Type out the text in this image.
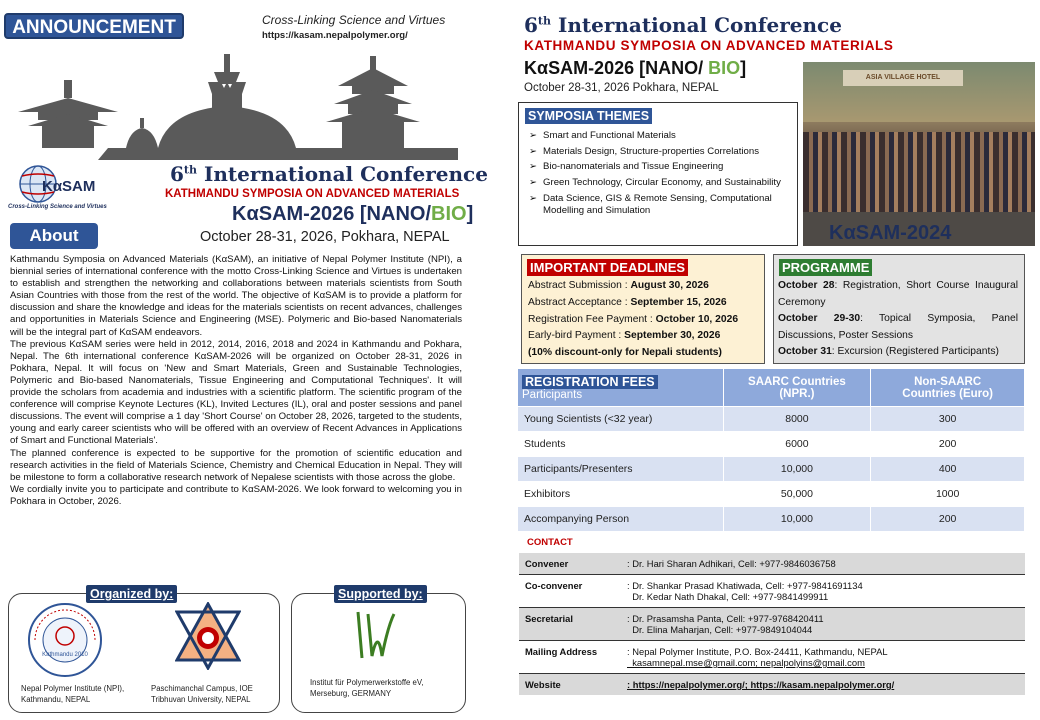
ANNOUNCEMENT	Cross-Linking Science and Virtues
https://kasam.nepalpolymer.org/
KαSAM
Cross-Linking Science and Virtues
6th International Conference
KATHMANDU SYMPOSIA ON ADVANCED MATERIALS
KαSAM-2026 [NANO/BIO]
October 28-31, 2026, Pokhara, NEPAL
About

Kathmandu Symposia on Advanced Materials (KαSAM), an initiative of Nepal Polymer Institute (NPI), a biennial series of international conference with the motto Cross-Linking Science and Virtues is undertaken to establish and strengthen the networking and collaborations between materials scientists from South Asian Countries with those from the rest of the world. The objective of KαSAM is to provide a platform for discussion and share the knowledge and ideas for the materials scientists on recent advances, challenges and opportunities in Materials Science and Engineering (MSE). Polymeric and Bio-based Nanomaterials will be the integral part of KαSAM endeavors.

The previous KαSAM series were held in 2012, 2014, 2016, 2018 and 2024 in Kathmandu and Pokhara, Nepal. The 6th international conference KαSAM-2026 will be organized on October 28-31, 2026 in Pokhara, Nepal. It will focus on 'New and Smart Materials, Green and Sustainable Technologies, Polymeric and Bio-based Nanomaterials, Tissue Engineering and Computational Techniques'. It will provide the scholars from academia and industries with a scientific platform. The scientific program of the conference will comprise Keynote Lectures (KL), Invited Lectures (IL), oral and poster sessions and panel discussions. The event will comprise a 1 day 'Short Course' on October 28, 2026, targeted to the students, young and early career scientists who will be offered with an overview of Recent Advances in Applications of Smart and Functional Materials'.

The planned conference is expected to be supportive for the promotion of scientific education and research activities in the field of Materials Science, Chemistry and Chemical Education in Nepal. They will be milestone to form a collaborative research network of Nepalese scientists with those across the globe.

We cordially invite you to participate and contribute to KαSAM-2026. We look forward to welcoming you in Pokhara in October, 2026.

Kathmandu 2010
Nepal Polymer Institute (NPI), Kathmandu, NEPAL
Paschimanchal Campus, IOE Tribhuvan University, NEPAL
Organized by:
Institut für Polymerwerkstoffe eV, Merseburg, GERMANY
Supported by:
6th International Conference
KATHMANDU SYMPOSIA ON ADVANCED MATERIALS
KαSAM-2026 [NANO/ BIO]
October 28-31, 2026 Pokhara, NEPAL
ASIA VILLAGE HOTEL
KαSAM-2024
SYMPOSIA THEMES
➢ Smart and Functional Materials
➢ Materials Design, Structure-properties Correlations
➢ Bio-nanomaterials and Tissue Engineering
➢ Green Technology, Circular Economy, and Sustainability
➢ Data Science, GIS & Remote Sensing, Computational Modelling and Simulation
IMPORTANT DEADLINES
Abstract Submission : August 30, 2026
Abstract Acceptance : September 15, 2026
Registration Fee Payment : October 10, 2026
Early-bird Payment : September 30, 2026
(10% discount-only for Nepali students)
PROGRAMME
October 28: Registration, Short Course Inaugural Ceremony
October 29-30: Topical Symposia, Panel Discussions, Poster Sessions
October 31: Excursion (Registered Participants)
REGISTRATION FEES
Participants	SAARC Countries (NPR.)	Non-SAARC Countries (Euro)
Young Scientists (<32 year)	8000	300
Students	6000	200
Participants/Presenters	10,000	400
Exhibitors	50,000	1000
Accompanying Person	10,000	200
CONTACT
Convener	: Dr. Hari Sharan Adhikari, Cell: +977-9846036758

Co-convener	: Dr. Shankar Prasad Khatiwada, Cell: +977-9841691134
Dr. Kedar Nath Dhakal, Cell: +977-9841499911

Secretarial	: Dr. Prasamsha Panta, Cell: +977-9768420411
Dr. Elina Maharjan, Cell: +977-9849104044

Mailing Address	: Nepal Polymer Institute, P.O. Box-24411, Kathmandu, NEPAL
kasamnepal.mse@gmail.com; nepalpolyins@gmail.com

Website	: https://nepalpolymer.org/; https://kasam.nepalpolymer.org/
